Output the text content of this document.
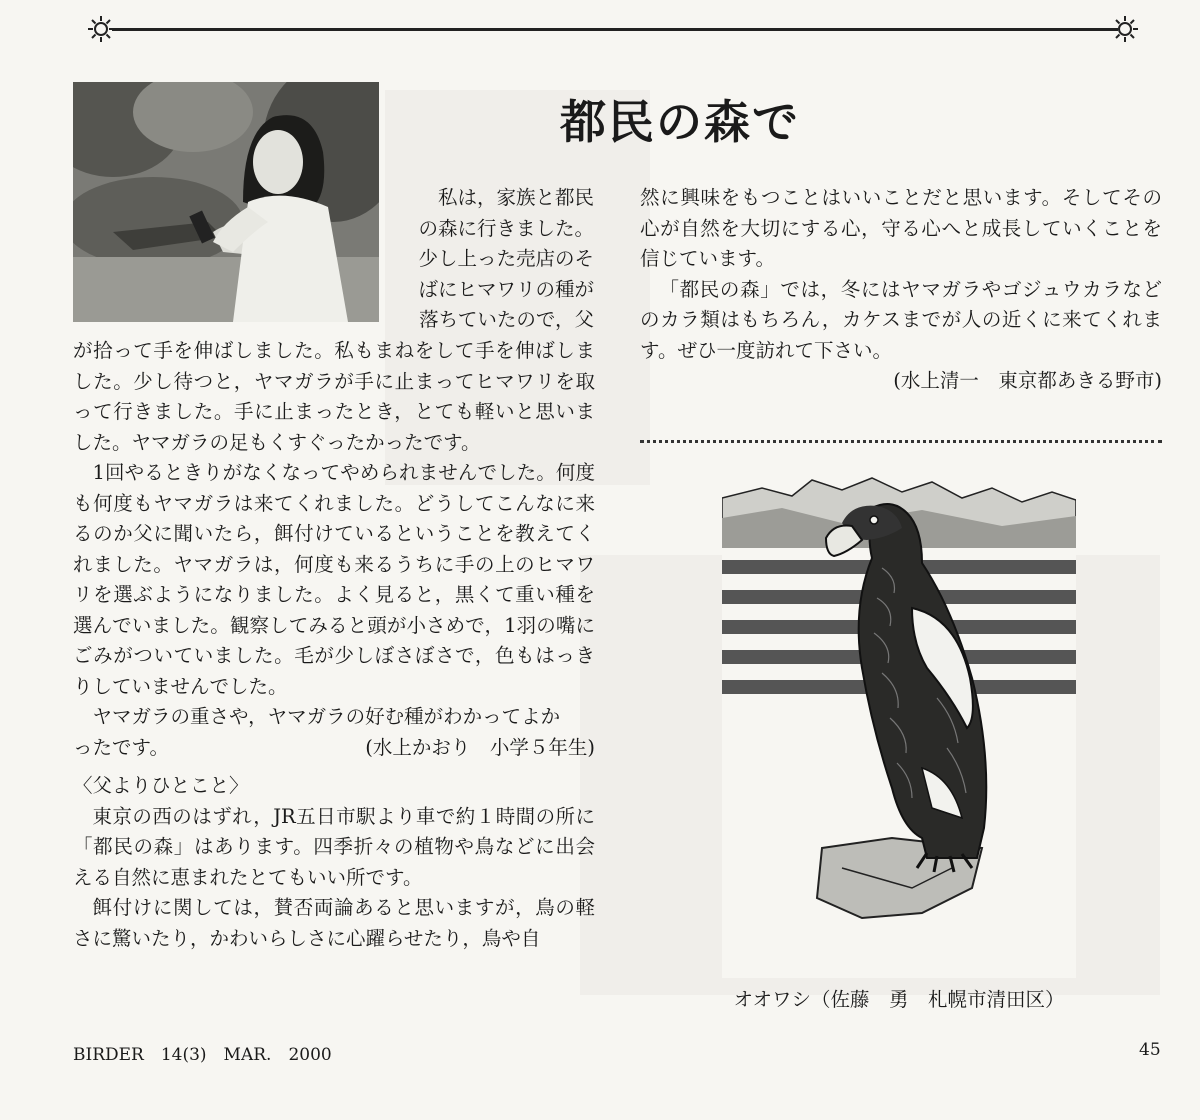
都民の森で
私は，家族と都民
の森に行きました。
少し上った売店のそ
ばにヒマワリの種が
落ちていたので，父

が拾って手を伸ばしました。私もまねをして手を伸ばしました。少し待つと，ヤマガラが手に止まってヒマワリを取って行きました。手に止まったとき，とても軽いと思いました。ヤマガラの足もくすぐったかったです。

1回やるときりがなくなってやめられませんでした。何度も何度もヤマガラは来てくれました。どうしてこんなに来るのか父に聞いたら，餌付けているということを教えてくれました。ヤマガラは，何度も来るうちに手の上のヒマワリを選ぶようになりました。よく見ると，黒くて重い種を選んでいました。観察してみると頭が小さめで，1羽の嘴にごみがついていました。毛が少しぼさぼさで，色もはっきりしていませんでした。

ヤマガラの重さや，ヤマガラの好む種がわかってよか

ったです。	(水上かおり　小学５年生)

〈父よりひとこと〉

東京の西のはずれ，JR五日市駅より車で約１時間の所に「都民の森」はあります。四季折々の植物や鳥などに出会える自然に恵まれたとてもいい所です。

餌付けに関しては，賛否両論あると思いますが，鳥の軽さに驚いたり，かわいらしさに心躍らせたり，鳥や自

然に興味をもつことはいいことだと思います。そしてその心が自然を大切にする心，守る心へと成長していくことを信じています。

「都民の森」では，冬にはヤマガラやゴジュウカラなどのカラ類はもちろん，カケスまでが人の近くに来てくれます。ぜひ一度訪れて下さい。

(水上清一　東京都あきる野市)

オオワシ（佐藤　勇　札幌市清田区）
BIRDER　14(3)　MAR.　2000	45
